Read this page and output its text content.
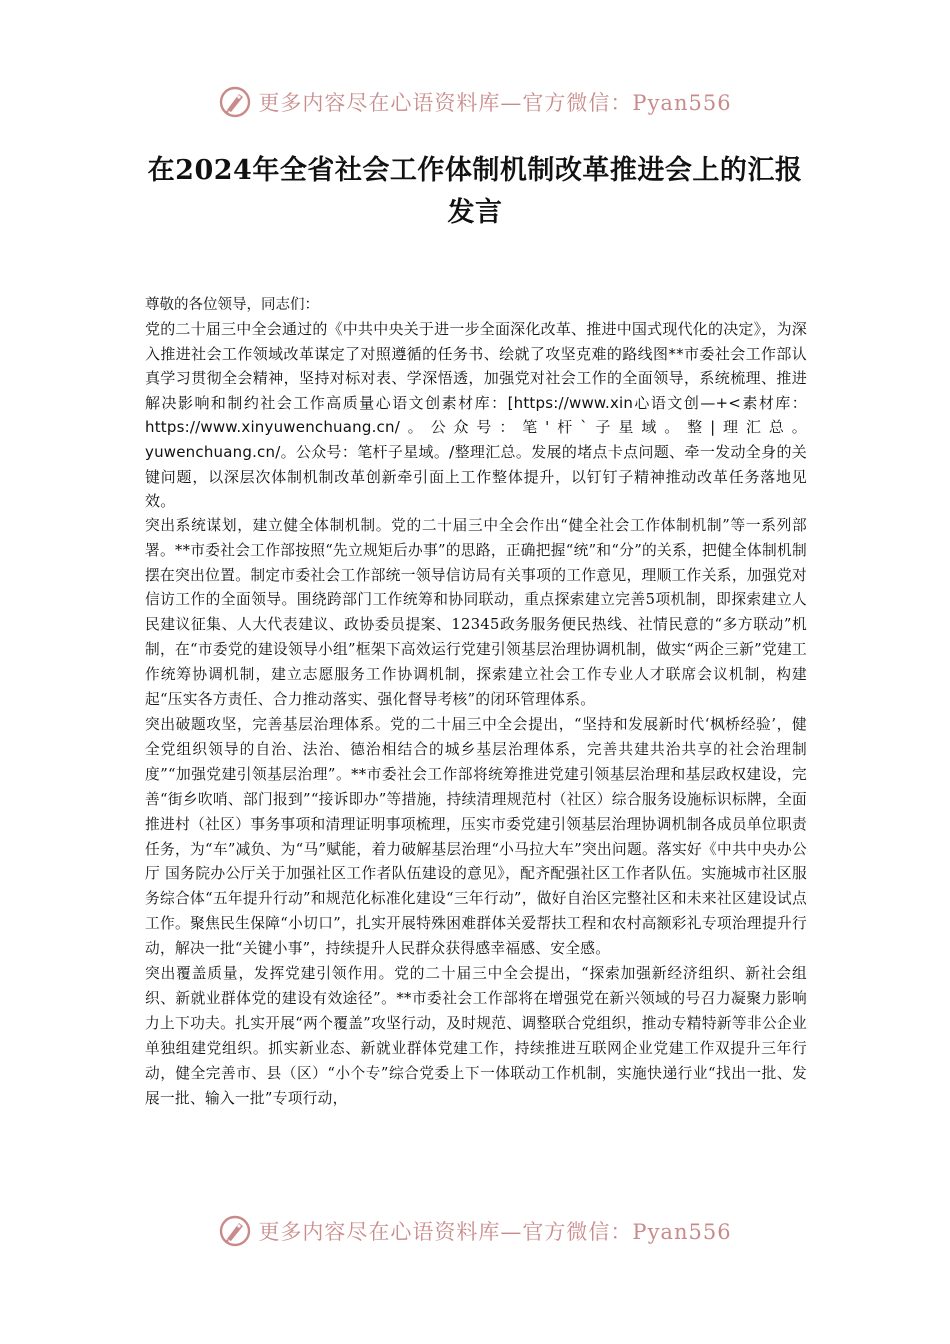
更多内容尽在心语资料库—官方微信：Pyan556
在2024年全省社会工作体制机制改革推进会上的汇报发言

尊敬的各位领导，同志们：

党的二十届三中全会通过的《中共中央关于进一步全面深化改革、推进中国式现代化的决定》，为深入推进社会工作领域改革谋定了对照遵循的任务书、绘就了攻坚克难的路线图**市委社会工作部认真学习贯彻全会精神，坚持对标对表、学深悟透，加强党对社会工作的全面领导，系统梳理、推进解决影响和制约社会工作高质量心语文创素材库：[https://www.xin心语文创—+<素材库：https://www.xinyuwenchuang.cn/。公众号：笔'杆`子星域。整|理汇总。yuwenchuang.cn/。公众号：笔杆子星域。/整理汇总。发展的堵点卡点问题、牵一发动全身的关键问题，以深层次体制机制改革创新牵引面上工作整体提升，以钉钉子精神推动改革任务落地见效。

突出系统谋划，建立健全体制机制。党的二十届三中全会作出“健全社会工作体制机制”等一系列部署。**市委社会工作部按照“先立规矩后办事”的思路，正确把握“统”和“分”的关系，把健全体制机制摆在突出位置。制定市委社会工作部统一领导信访局有关事项的工作意见，理顺工作关系，加强党对信访工作的全面领导。围绕跨部门工作统筹和协同联动，重点探索建立完善5项机制，即探索建立人民建议征集、人大代表建议、政协委员提案、12345政务服务便民热线、社情民意的“多方联动”机制，在“市委党的建设领导小组”框架下高效运行党建引领基层治理协调机制，做实“两企三新”党建工作统筹协调机制，建立志愿服务工作协调机制，探索建立社会工作专业人才联席会议机制，构建起“压实各方责任、合力推动落实、强化督导考核”的闭环管理体系。

突出破题攻坚，完善基层治理体系。党的二十届三中全会提出，“坚持和发展新时代‘枫桥经验’，健全党组织领导的自治、法治、德治相结合的城乡基层治理体系，完善共建共治共享的社会治理制度”“加强党建引领基层治理”。**市委社会工作部将统筹推进党建引领基层治理和基层政权建设，完善“街乡吹哨、部门报到”“接诉即办”等措施，持续清理规范村（社区）综合服务设施标识标牌，全面推进村（社区）事务事项和清理证明事项梳理，压实市委党建引领基层治理协调机制各成员单位职责任务，为“车”减负、为“马”赋能，着力破解基层治理“小马拉大车”突出问题。落实好《中共中央办公厅 国务院办公厅关于加强社区工作者队伍建设的意见》，配齐配强社区工作者队伍。实施城市社区服务综合体“五年提升行动”和规范化标准化建设“三年行动”，做好自治区完整社区和未来社区建设试点工作。聚焦民生保障“小切口”，扎实开展特殊困难群体关爱帮扶工程和农村高额彩礼专项治理提升行动，解决一批“关键小事”，持续提升人民群众获得感幸福感、安全感。

突出覆盖质量，发挥党建引领作用。党的二十届三中全会提出，“探索加强新经济组织、新社会组织、新就业群体党的建设有效途径”。**市委社会工作部将在增强党在新兴领域的号召力凝聚力影响力上下功夫。扎实开展“两个覆盖”攻坚行动，及时规范、调整联合党组织，推动专精特新等非公企业单独组建党组织。抓实新业态、新就业群体党建工作，持续推进互联网企业党建工作双提升三年行动，健全完善市、县（区）“小个专”综合党委上下一体联动工作机制，实施快递行业“找出一批、发展一批、输入一批”专项行动，

更多内容尽在心语资料库—官方微信：Pyan556
